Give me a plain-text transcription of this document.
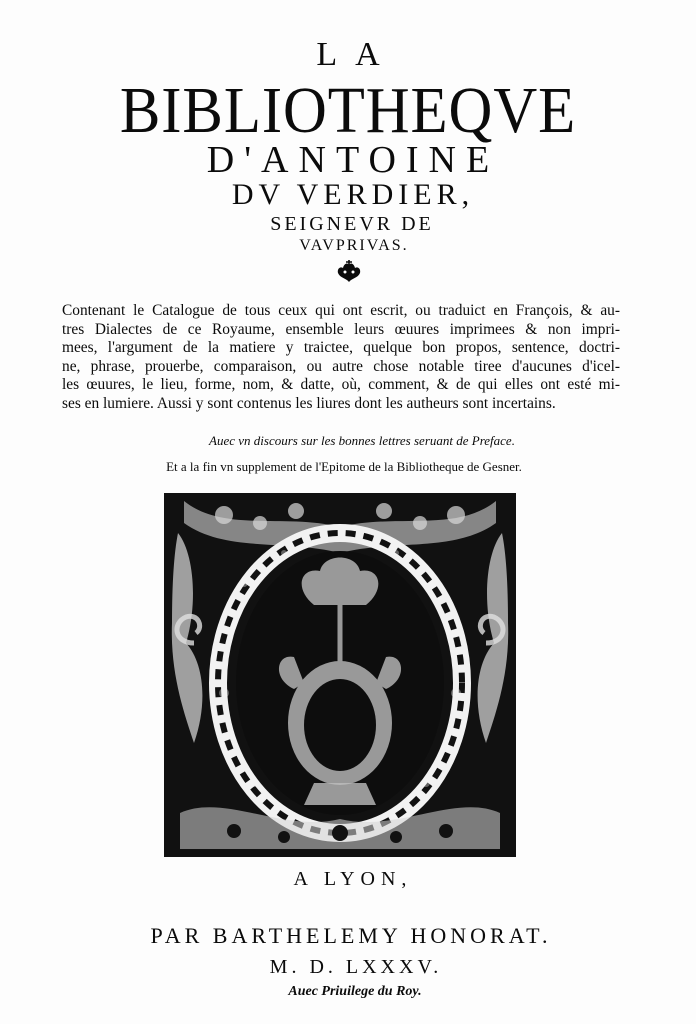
LA
BIBLIOTHEQVE
D'ANTOINE
DV VERDIER,
SEIGNEVR DE
VAVPRIVAS.
Contenant le Catalogue de tous ceux qui ont escrit, ou traduict en François, & au-
tres Dialectes de ce Royaume, ensemble leurs œuures imprimees & non impri-
mees, l'argument de la matiere y traictee, quelque bon propos, sentence, doctri-
ne, phrase, prouerbe, comparaison, ou autre chose notable tiree d'aucunes d'icel-
les œuures, le lieu, forme, nom, & datte, où, comment, & de qui elles ont esté mi-
ses en lumiere. Aussi y sont contenus les liures dont les autheurs sont incertains.
Auec vn discours sur les bonnes lettres seruant de Preface.
Et a la fin vn supplement de l'Epitome de la Bibliotheque de Gesner.
A LYON,
PAR BARTHELEMY HONORAT.
M. D. LXXXV.
Auec Priuilege du Roy.
